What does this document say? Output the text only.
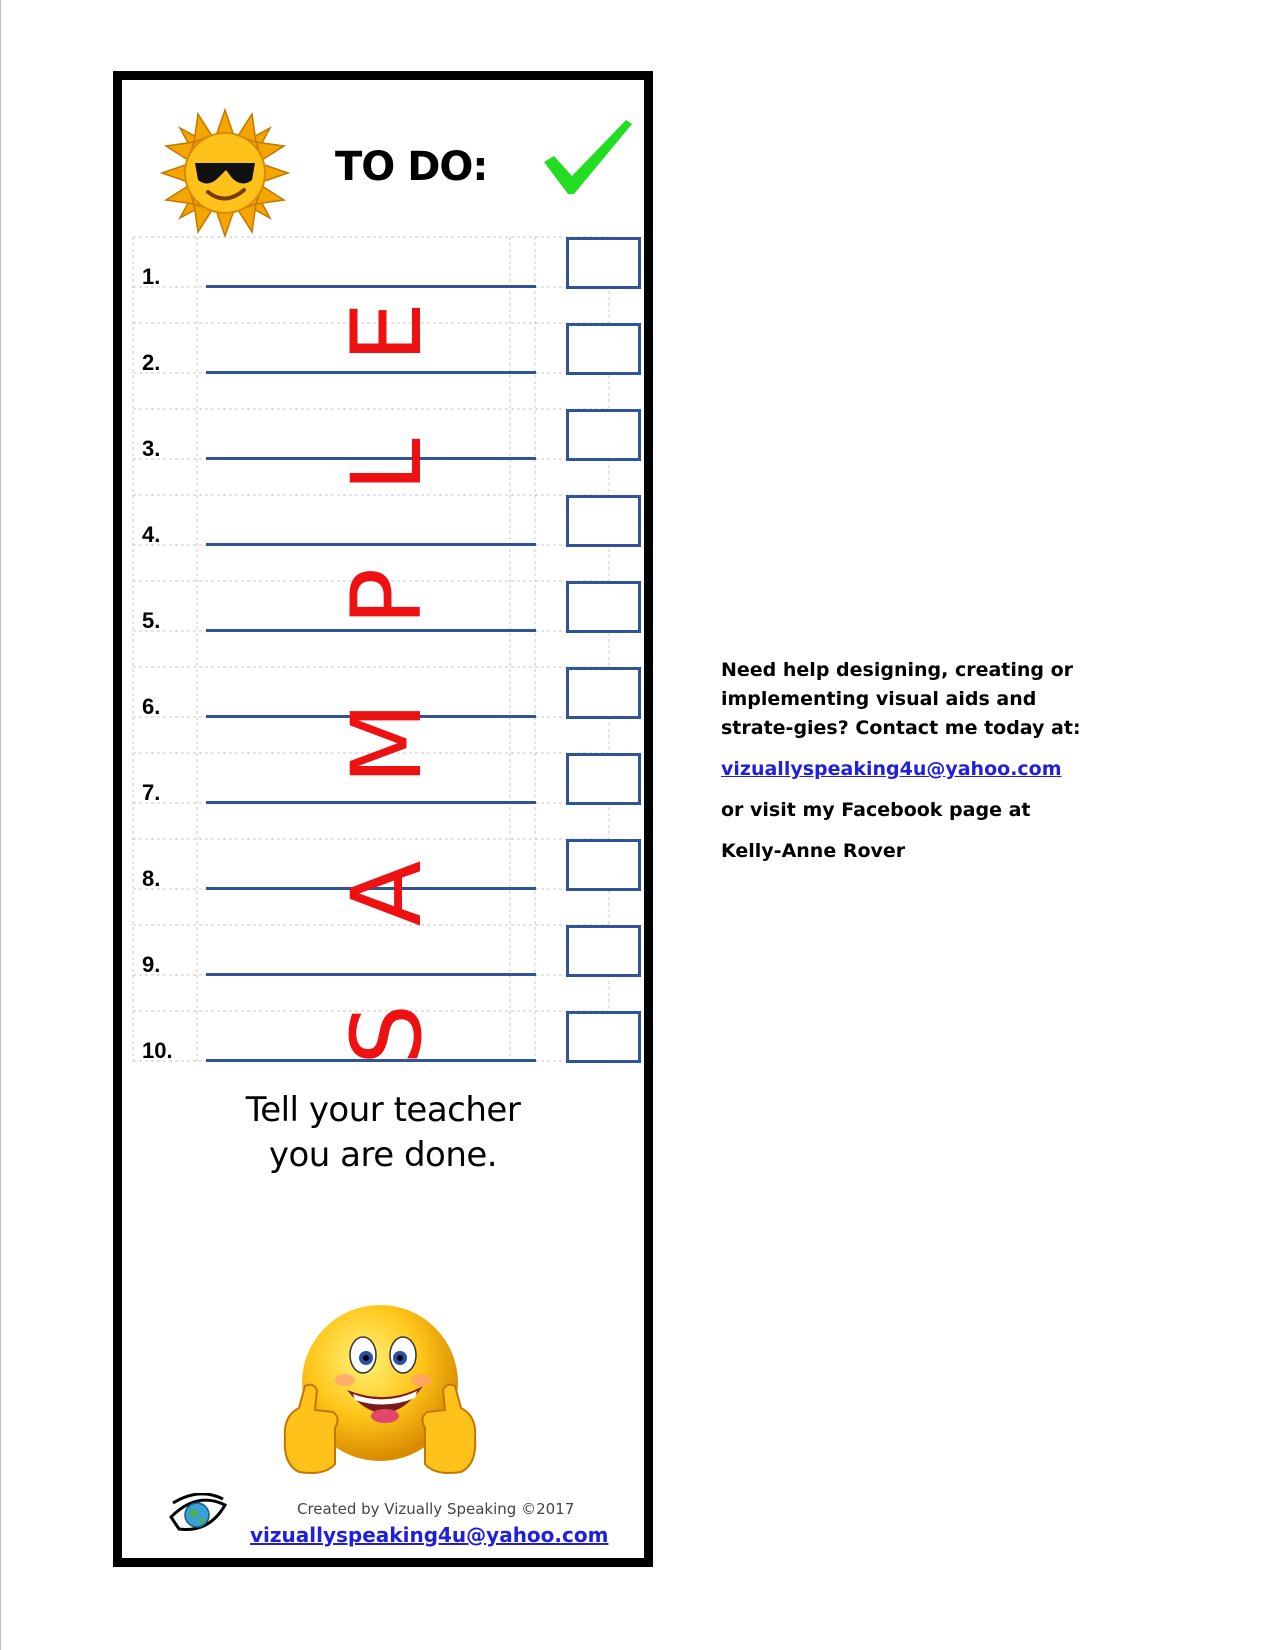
TO DO:
1.
2.
3.
4.
5.
6.
7.
8.
9.
10. SAMPLE
Tell your teacher
you are done.
Created by Vizually Speaking ©2017
vizuallyspeaking4u@yahoo.com
Need help designing, creating or implementing visual aids and strate-gies? Contact me today at:
vizuallyspeaking4u@yahoo.com
or visit my Facebook page at
Kelly-Anne Rover
